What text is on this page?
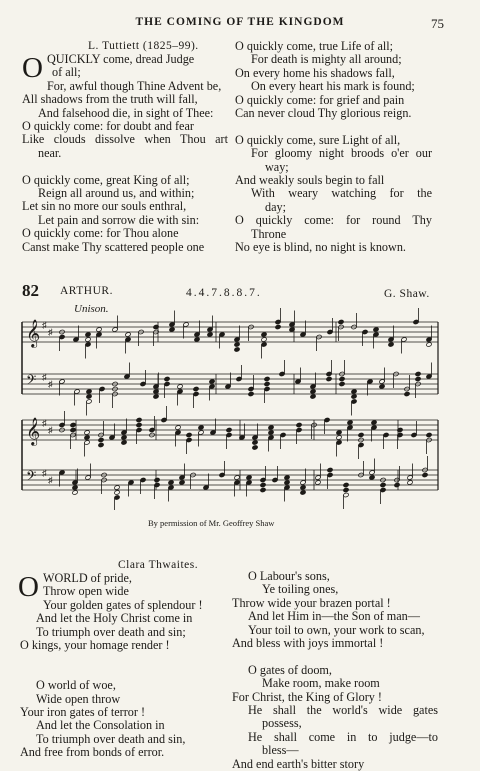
THE COMING OF THE KINGDOM	75
L. Tuttiett (1825–99).
O QUICKLY come, dread Judge
of all;
For, awful though Thine Advent be,
All shadows from the truth will fall,
And falsehood die, in sight of Thee:
O quickly come: for doubt and fear
Like clouds dissolve when Thou art
near.
O quickly come, great King of all;
Reign all around us, and within;
Let sin no more our souls enthral,
Let pain and sorrow die with sin:
O quickly come: for Thou alone
Canst make Thy scattered people one
O quickly come, true Life of all;
For death is mighty all around;
On every home his shadows fall,
On every heart his mark is found;
O quickly come: for grief and pain
Can never cloud Thy glorious reign.
O quickly come, sure Light of all,
For gloomy night broods o'er our
way;
And weakly souls begin to fall
With weary watching for the
day;
O quickly come: for round Thy
Throne
No eye is blind, no night is known.
82 ARTHUR.	4.4.7.8.8.7.	G. Shaw.
Unison.
𝄞 ♯
♯
𝄢 ♯
♯
𝄞 ♯
♯
𝄢 ♯
♯
By permission of Mr. Geoffrey Shaw
Clara Thwaites.
O WORLD of pride,
Throw open wide
Your golden gates of splendour !
And let the Holy Christ come in
To triumph over death and sin;
O kings, your homage render !
O world of woe,
Wide open throw
Your iron gates of terror !
And let the Consolation in
To triumph over death and sin,
And free from bonds of error.
O Labour's sons,
Ye toiling ones,
Throw wide your brazen portal !
And let Him in—the Son of man—
Your toil to own, your work to scan,
And bless with joys immortal !
O gates of doom,
Make room, make room
For Christ, the King of Glory !
He shall the world's wide gates
possess,
He shall come in to judge—to
bless—
And end earth's bitter story
